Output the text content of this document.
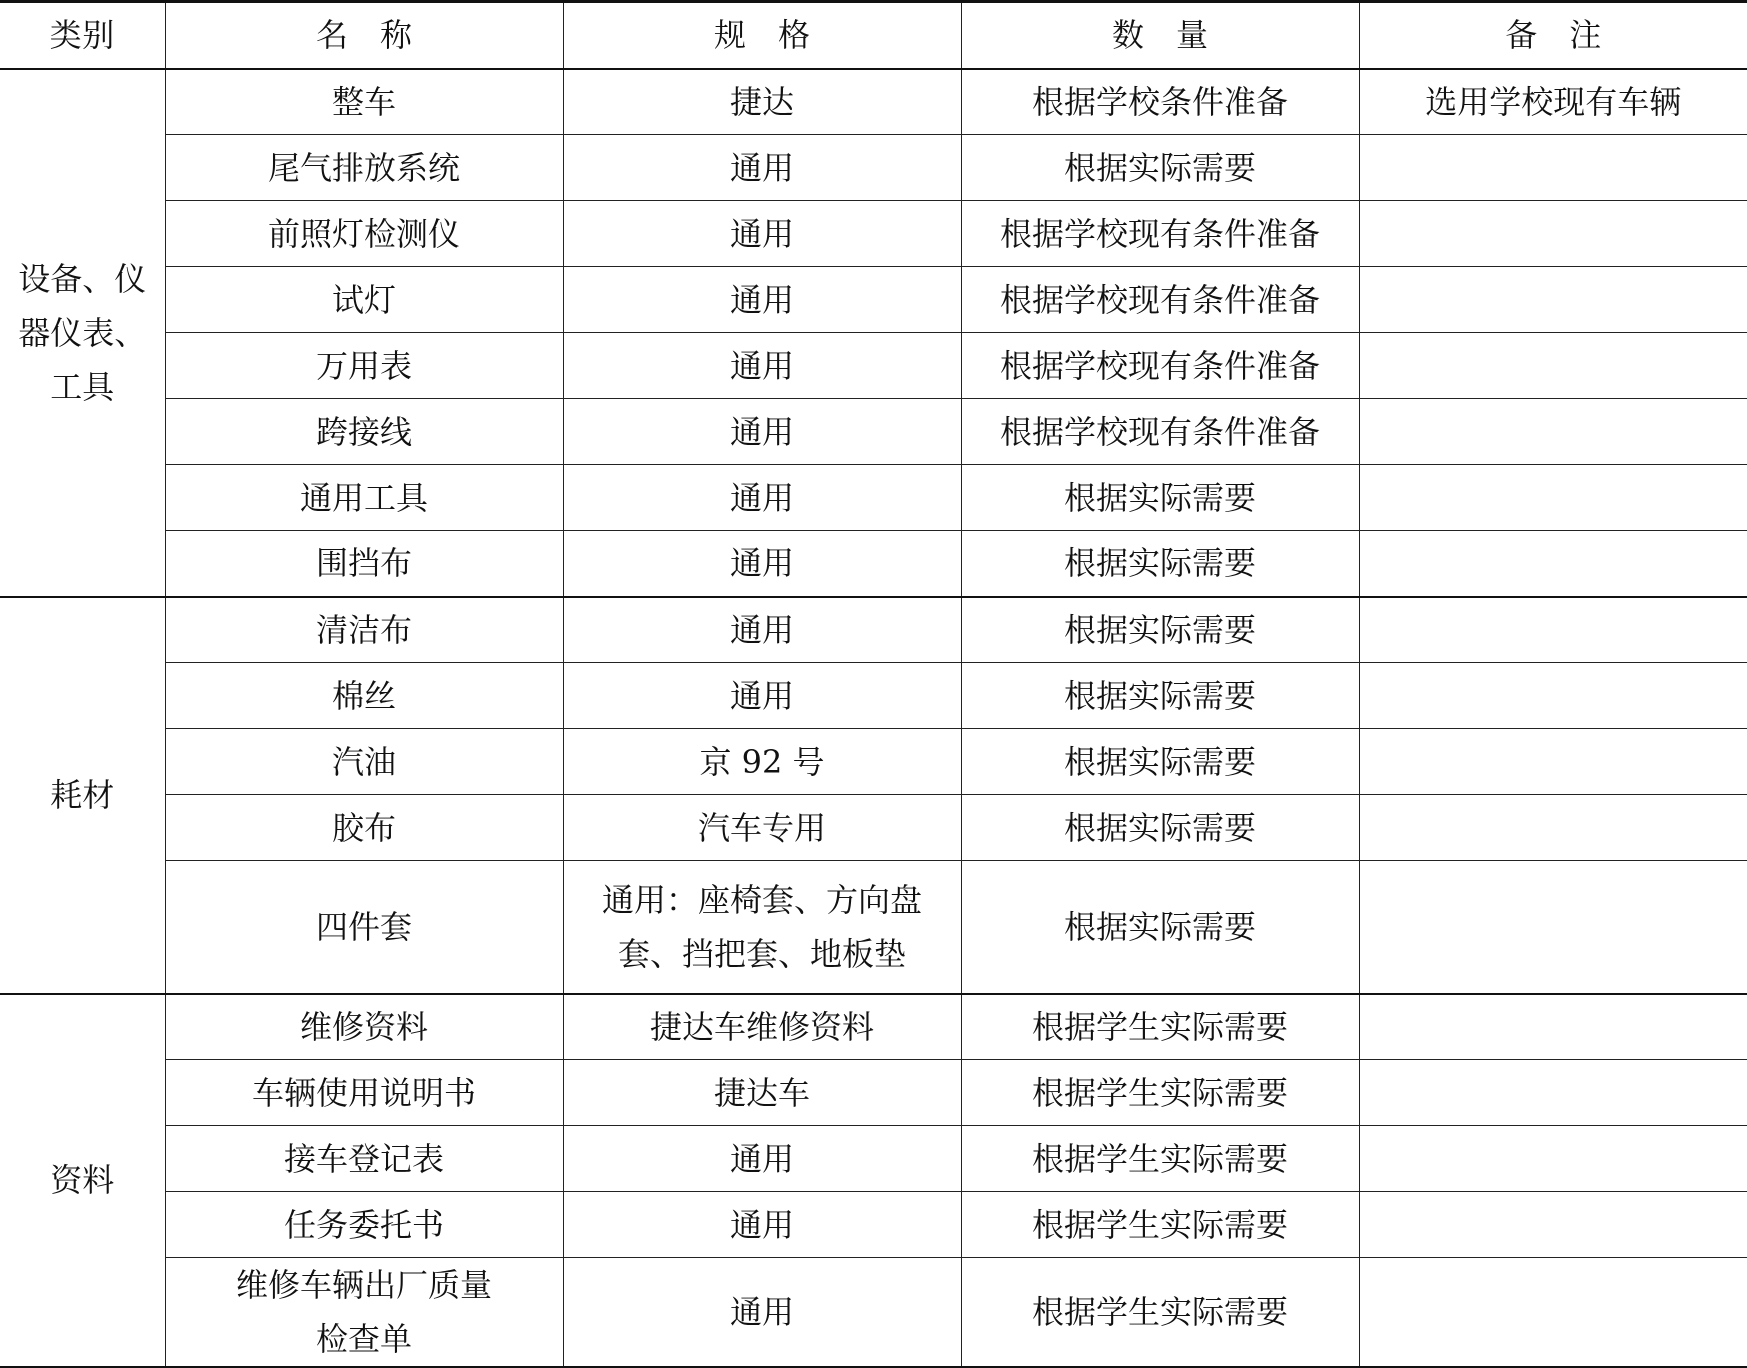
类别	名　称	规　格	数　量	备　注
设备、仪器仪表、工具	整车	捷达	根据学校条件准备	选用学校现有车辆
	尾气排放系统	通用	根据实际需要	
	前照灯检测仪	通用	根据学校现有条件准备	
	试灯	通用	根据学校现有条件准备	
	万用表	通用	根据学校现有条件准备	
	跨接线	通用	根据学校现有条件准备	
	通用工具	通用	根据实际需要	
	围挡布	通用	根据实际需要	
耗材	清洁布	通用	根据实际需要	
	棉丝	通用	根据实际需要	
	汽油	京 92 号	根据实际需要	
	胶布	汽车专用	根据实际需要	
	四件套	通用：座椅套、方向盘套、挡把套、地板垫	根据实际需要	
资料	维修资料	捷达车维修资料	根据学生实际需要	
	车辆使用说明书	捷达车	根据学生实际需要	
	接车登记表	通用	根据学生实际需要	
	任务委托书	通用	根据学生实际需要	
	维修车辆出厂质量检查单	通用	根据学生实际需要	
